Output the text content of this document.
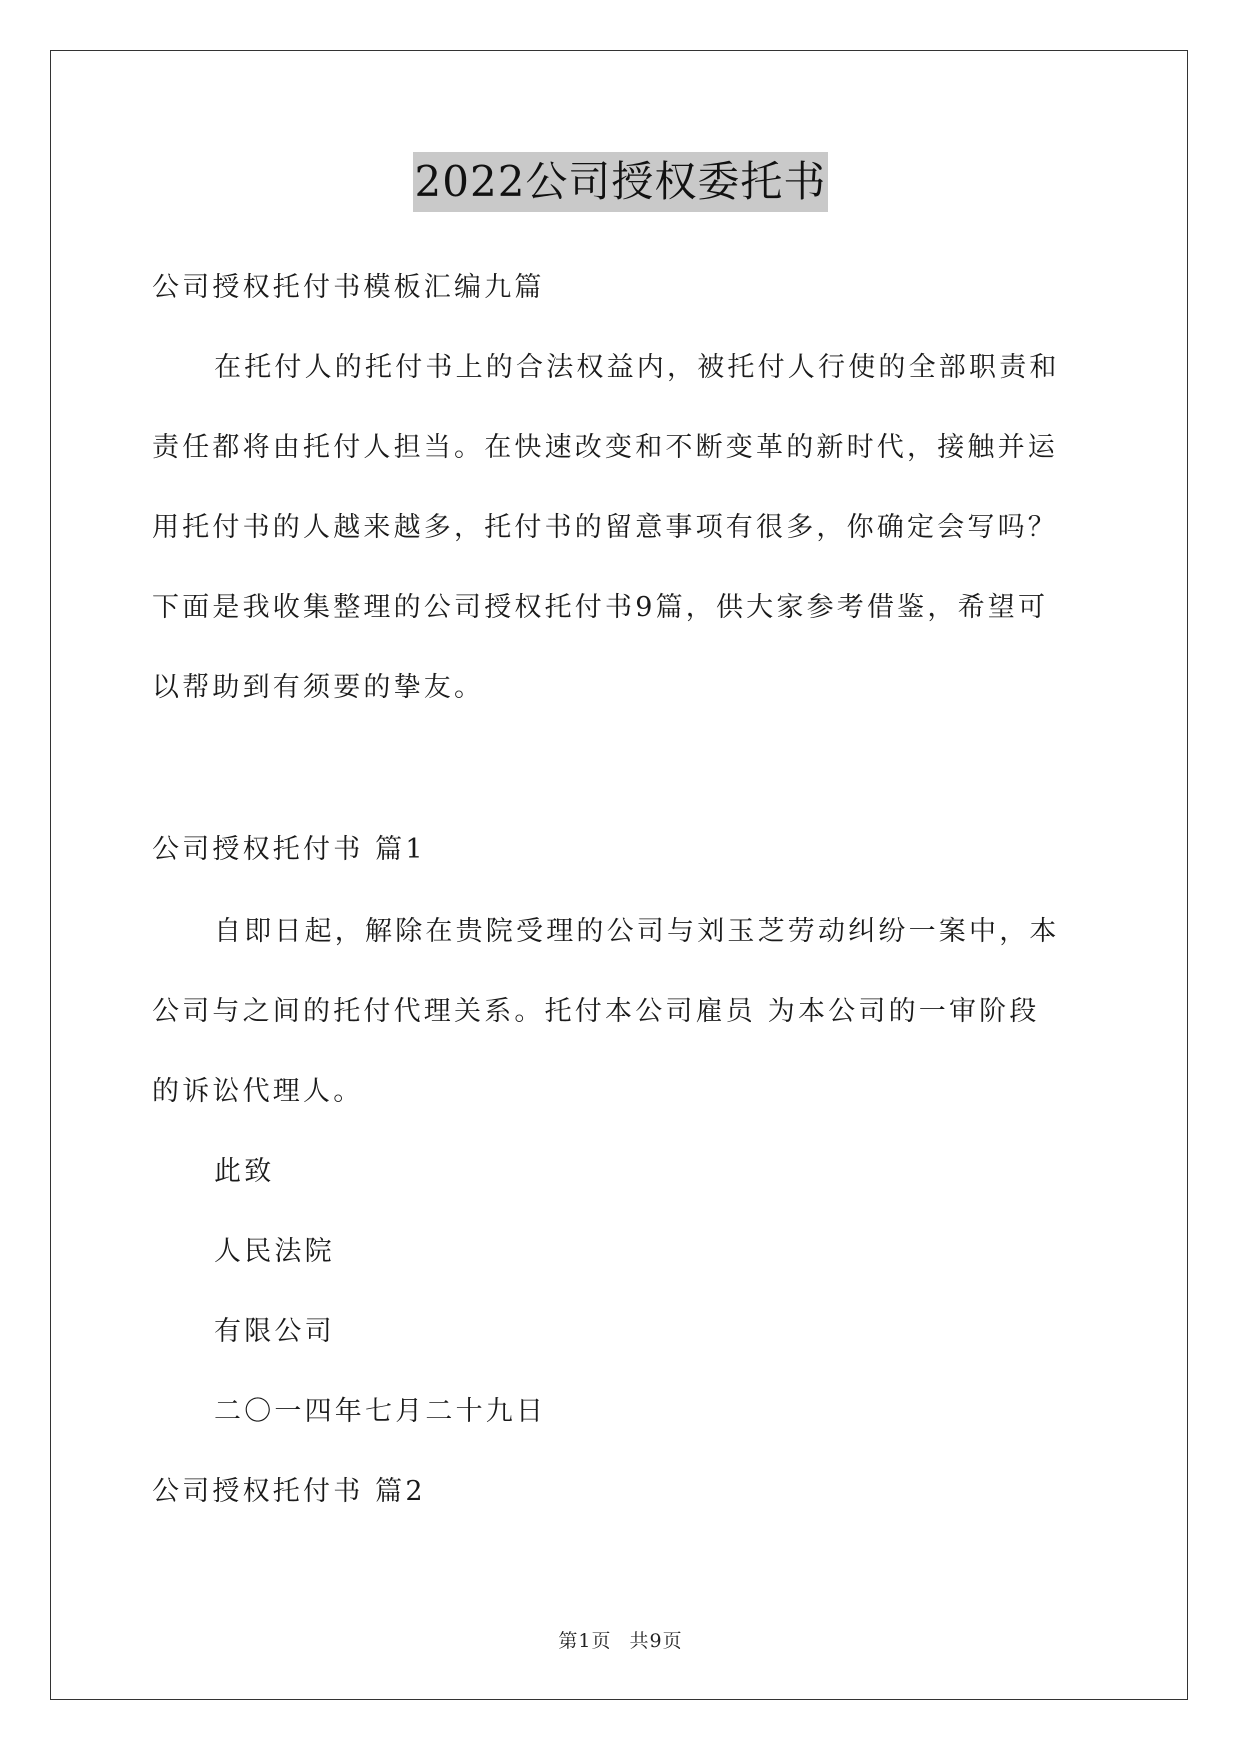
2022公司授权委托书
公司授权托付书模板汇编九篇
在托付人的托付书上的合法权益内，被托付人行使的全部职责和
责任都将由托付人担当。在快速改变和不断变革的新时代，接触并运
用托付书的人越来越多，托付书的留意事项有很多，你确定会写吗？
下面是我收集整理的公司授权托付书9篇，供大家参考借鉴，希望可
以帮助到有须要的挚友。
公司授权托付书 篇1
自即日起，解除在贵院受理的公司与刘玉芝劳动纠纷一案中，本
公司与之间的托付代理关系。托付本公司雇员 为本公司的一审阶段
的诉讼代理人。
此致
人民法院
有限公司
二〇一四年七月二十九日
公司授权托付书 篇2
第1页 共9页
